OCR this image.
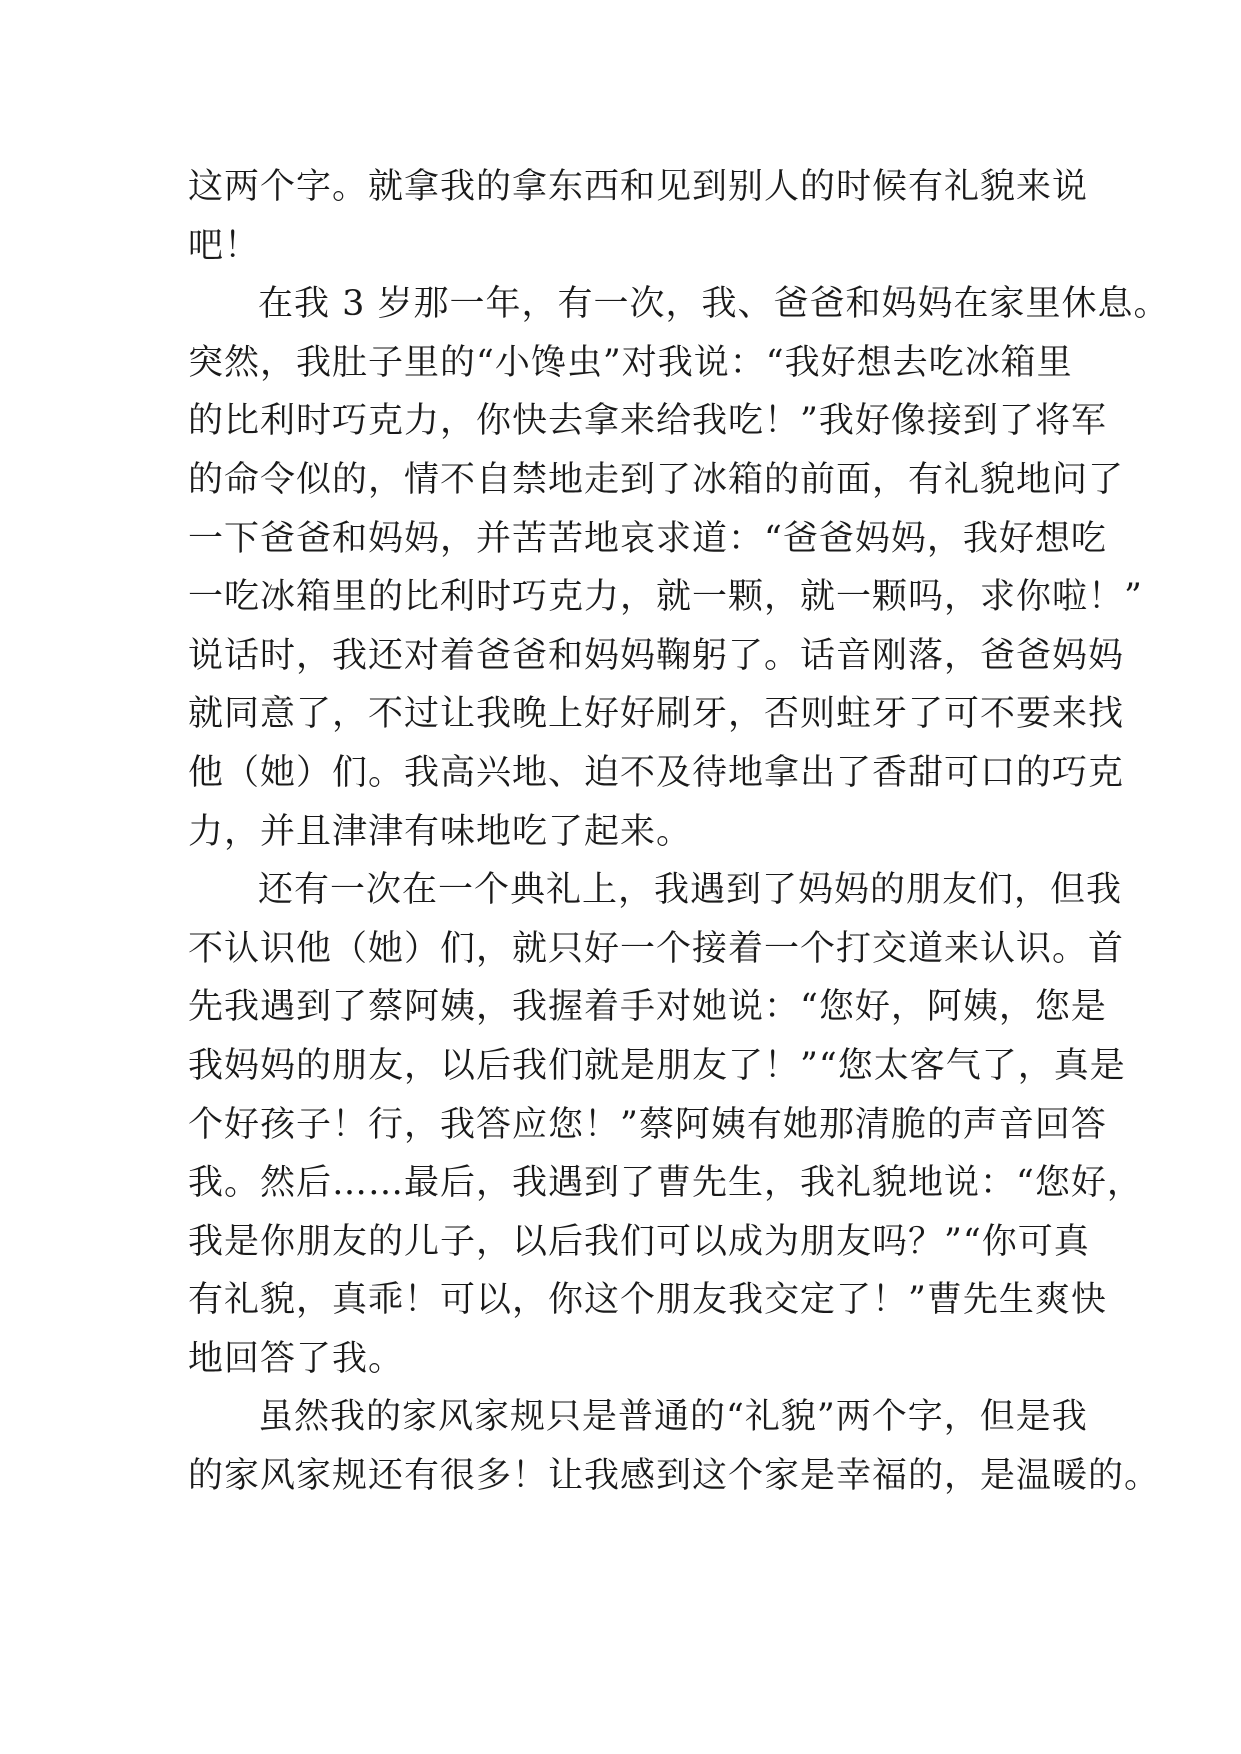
这两个字。就拿我的拿东西和见到别人的时候有礼貌来说
吧！
在我 3 岁那一年，有一次，我、爸爸和妈妈在家里休息。
突然，我肚子里的“小馋虫”对我说：“我好想去吃冰箱里
的比利时巧克力，你快去拿来给我吃！”我好像接到了将军
的命令似的，情不自禁地走到了冰箱的前面，有礼貌地问了
一下爸爸和妈妈，并苦苦地哀求道：“爸爸妈妈，我好想吃
一吃冰箱里的比利时巧克力，就一颗，就一颗吗，求你啦！”
说话时，我还对着爸爸和妈妈鞠躬了。话音刚落，爸爸妈妈
就同意了，不过让我晚上好好刷牙，否则蛀牙了可不要来找
他（她）们。我高兴地、迫不及待地拿出了香甜可口的巧克
力，并且津津有味地吃了起来。
还有一次在一个典礼上，我遇到了妈妈的朋友们，但我
不认识他（她）们，就只好一个接着一个打交道来认识。首
先我遇到了蔡阿姨，我握着手对她说：“您好，阿姨，您是
我妈妈的朋友，以后我们就是朋友了！”“您太客气了，真是
个好孩子！行，我答应您！”蔡阿姨有她那清脆的声音回答
我。然后……最后，我遇到了曹先生，我礼貌地说：“您好，
我是你朋友的儿子，以后我们可以成为朋友吗？”“你可真
有礼貌，真乖！可以，你这个朋友我交定了！”曹先生爽快
地回答了我。
虽然我的家风家规只是普通的“礼貌”两个字，但是我
的家风家规还有很多！让我感到这个家是幸福的，是温暖的。
